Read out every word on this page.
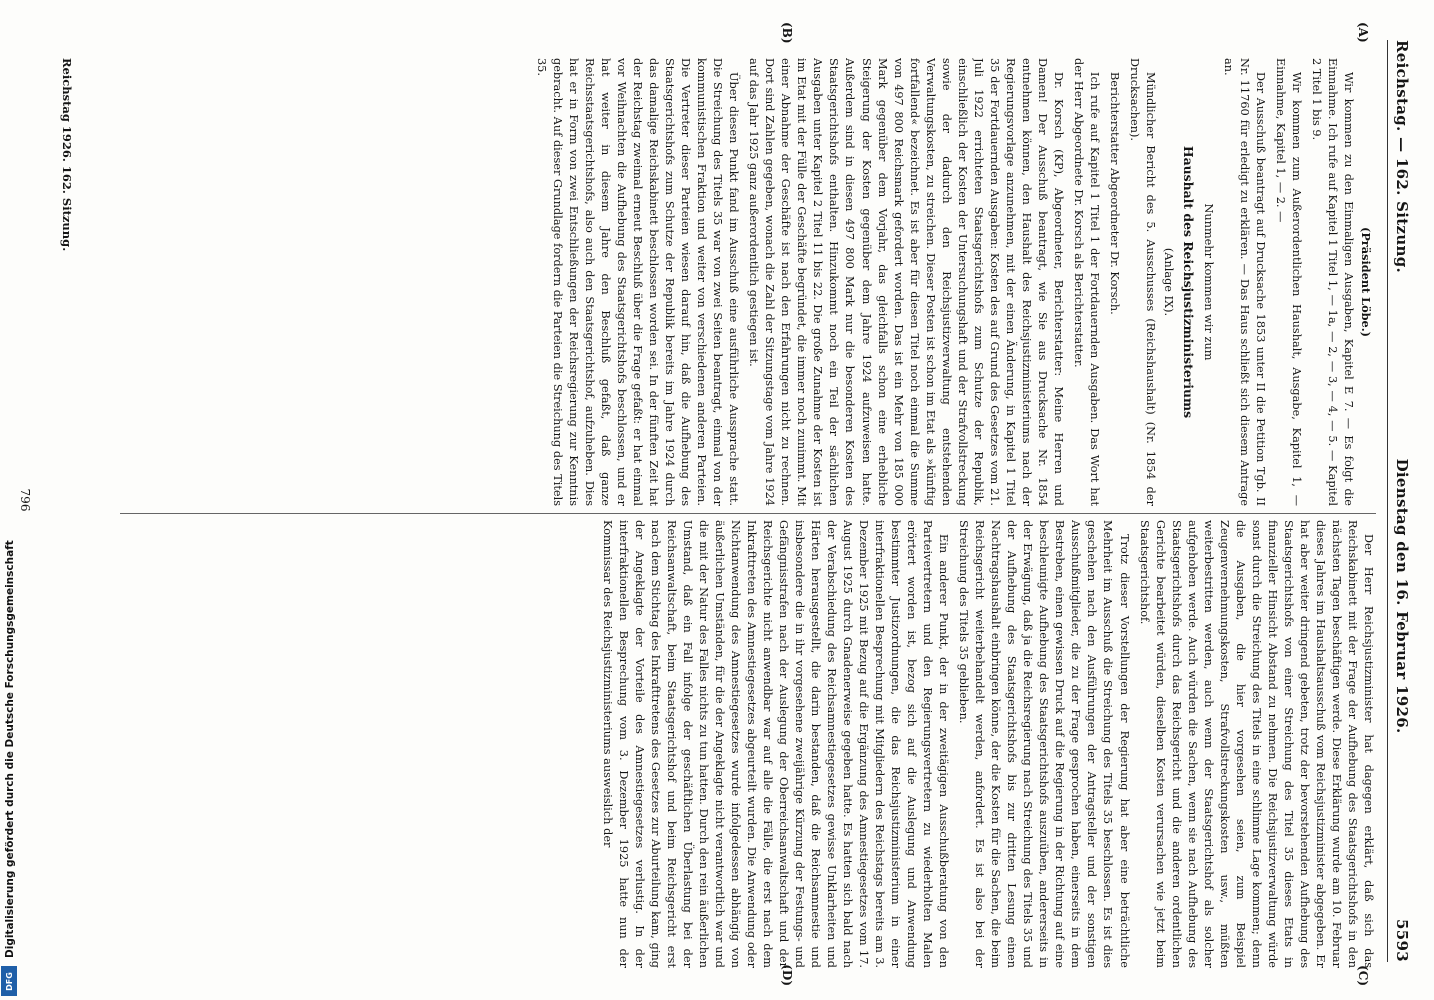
Reichstag. — 162. Sitzung.
Dienstag den 16. Februar 1926.
5593
(A)
(B)
(C)
(D)

(Präsident Löbe.)

Wir kommen zu den Einmaligen Ausgaben, Kapitel E 7. — Es folgt die Einnahme. Ich rufe auf Kapitel 1 Titel 1, — 1a, — 2, — 3, — 4, — 5. — Kapitel 2 Titel 1 bis 9.

Wir kommen zum Außerordentlichen Haushalt, Ausgabe, Kapitel 1, — Einnahme, Kapitel 1, — 2. —

Der Ausschuß beantragt auf Drucksache 1853 unter II die Petition Tgb. II Nr. 11760 für erledigt zu erklären. — Das Haus schließt sich diesem Antrage an.

Nunmehr kommen wir zum

Haushalt des Reichsjustizministeriums

(Anlage IX).

Mündlicher Bericht des 5. Ausschusses (Reichshaushalt) (Nr. 1854 der Drucksachen).

Berichterstatter Abgeordneter Dr. Korsch.

Ich rufe auf Kapitel 1 Titel 1 der Fortdauernden Ausgaben. Das Wort hat der Herr Abgeordnete Dr. Korsch als Berichterstatter.

Dr. Korsch (KP), Abgeordneter, Berichterstatter: Meine Herren und Damen! Der Ausschuß beantragt, wie Sie aus Drucksache Nr. 1854 entnehmen können, den Haushalt des Reichsjustizministeriums nach der Regierungsvorlage anzunehmen, mit der einen Änderung, in Kapitel 1 Titel 35 der Fortdauernden Ausgaben: Kosten des auf Grund des Gesetzes vom 21. Juli 1922 errichteten Staatsgerichtshofs zum Schutze der Republik, einschließlich der Kosten der Untersuchungshaft und der Strafvollstreckung sowie der dadurch den Reichsjustizverwaltung entstehenden Verwaltungskosten, zu streichen. Dieser Posten ist schon im Etat als »künftig fortfallend« bezeichnet. Es ist aber für diesen Titel noch einmal die Summe von 497 800 Reichsmark gefordert worden. Das ist ein Mehr von 185 000 Mark gegenüber dem Vorjahr, das gleichfalls schon eine erhebliche Steigerung der Kosten gegenüber dem Jahre 1924 aufzuweisen hatte. Außerdem sind in diesen 497 800 Mark nur die besonderen Kosten des Staatsgerichtshofs enthalten. Hinzukommt noch ein Teil der sächlichen Ausgaben unter Kapitel 2 Titel 11 bis 22. Die große Zunahme der Kosten ist im Etat mit der Fülle der Geschäfte begründet, die immer noch zunimmt. Mit einer Abnahme der Geschäfte ist nach den Erfahrungen nicht zu rechnen. Dort sind Zahlen gegeben, wonach die Zahl der Sitzungstage vom Jahre 1924 auf das Jahr 1925 ganz außerordentlich gestiegen ist.

Über diesen Punkt fand im Ausschuß eine ausführliche Aussprache statt. Die Streichung des Titels 35 war von zwei Seiten beantragt, einmal von der kommunistischen Fraktion und weiter von verschiedenen anderen Parteien. Die Vertreter dieser Parteien wiesen darauf hin, daß die Aufhebung des Staatsgerichtshofs zum Schutze der Republik bereits im Jahre 1924 durch das damalige Reichskabinett beschlossen worden sei. In der fünften Zeit hat der Reichstag zweimal erneut Beschluß über die Frage gefaßt: er hat einmal vor Weihnachten die Aufhebung des Staatsgerichtshofs beschlossen, und er hat weiter in diesem Jahre den Beschluß gefaßt, daß ganze Reichsstaatsgerichtshofs, also auch den Staatsgerichtshof, aufzuheben. Dies hat er in Form von zwei Entschließungen der Reichsregierung zur Kenntnis gebracht. Auf dieser Grundlage fordern die Parteien die Streichung des Titels 35.

Der Herr Reichsjustizminister hat dagegen erklärt, daß sich das Reichskabinett mit der Frage der Aufhebung des Staatsgerichtshofs in den nächsten Tagen beschäftigen werde. Diese Erklärung wurde am 10. Februar dieses Jahres im Haushaltsausschuß vom Reichsjustizminister abgegeben. Er hat aber weiter dringend gebeten, trotz der bevorstehenden Aufhebung des Staatsgerichtshofs von einer Streichung des Titel 35 dieses Etats in finanzieller Hinsicht Abstand zu nehmen. Die Reichsjustizverwaltung würde sonst durch die Streichung des Titels in eine schlimme Lage kommen; denn die Ausgaben, die hier vorgesehen seien, zum Beispiel Zeugenvernehmungskosten, Strafvollstreckungskosten usw., müßten weiterbestritten werden, auch wenn der Staatsgerichtshof als solcher aufgehoben werde. Auch würden die Sachen, wenn sie nach Aufhebung des Staatsgerichtshofs durch das Reichsgericht und die anderen ordentlichen Gerichte bearbeitet würden, dieselben Kosten verursachen wie jetzt beim Staatsgerichtshof.

Trotz dieser Vorstellungen der Regierung hat aber eine beträchtliche Mehrheit im Ausschuß die Streichung des Titels 35 beschlossen. Es ist dies geschehen nach den Ausführungen der Antragsteller und der sonstigen Ausschußmitglieder, die zu der Frage gesprochen haben, einerseits in dem Bestreben, einen gewissen Druck auf die Regierung in der Richtung auf eine beschleunigte Aufhebung des Staatsgerichtshofs auszuüben, andererseits in der Erwägung, daß ja die Reichsregierung nach Streichung des Titels 35 und der Aufhebung des Staatsgerichtshofs bis zur dritten Lesung einen Nachtragshaushalt einbringen könne, der die Kosten für die Sachen, die beim Reichsgericht weiterbehandelt werden, anfordert. Es ist also bei der Streichung des Titels 35 geblieben.

Ein anderer Punkt, der in der zweitägigen Ausschußberatung von den Parteivertretern und den Regierungsvertretern zu wiederholten Malen erörtert worden ist, bezog sich auf die Auslegung und Anwendung bestimmter Justizordnungen, die das Reichsjustizministerium in einer interfraktionellen Besprechung mit Mitgliedern des Reichstags bereits am 3. Dezember 1925 mit Bezug auf die Ergänzung des Amnestiegesetzes vom 17. August 1925 durch Gnadenerweise gegeben hatte. Es hatten sich bald nach der Verabschiedung des Reichsamnestiegesetzes gewisse Unklarheiten und Härten herausgestellt, die darin bestanden, daß die Reichsamnestie und insbesondere die in ihr vorgesehene zweijährige Kürzung der Festungs- und Gefängnisstrafen nach der Auslegung der Oberreichsanwaltschaft und der Reichsgerichte nicht anwendbar war auf alle die Fälle, die erst nach dem Inkrafttreten des Amnestiegesetzes abgeurteilt wurden. Die Anwendung oder Nichtanwendung des Amnestiegesetzes wurde infolgedessen abhängig von äußerlichen Umständen, für die der Angeklagte nicht verantwortlich war und die mit der Natur des Falles nichts zu tun hatten. Durch den rein äußerlichen Umstand, daß ein Fall infolge der geschäftlichen Überlastung bei der Reichsanwaltschaft, beim Staatsgerichtshof und beim Reichsgericht erst nach dem Stichtag des Inkrafttretens des Gesetzes zur Aburteilung kam, ging der Angeklagte der Vorteile des Amnestiegesetzes verlustig. In der interfraktionellen Besprechung vom 3. Dezember 1925 hatte nun der Kommissar des Reichsjustizministeriums ausweislich der

Reichstag 1926. 162. Sitzung.
796
Digitalisierung gefördert durch die Deutsche Forschungsgemeinschaft
DFG
